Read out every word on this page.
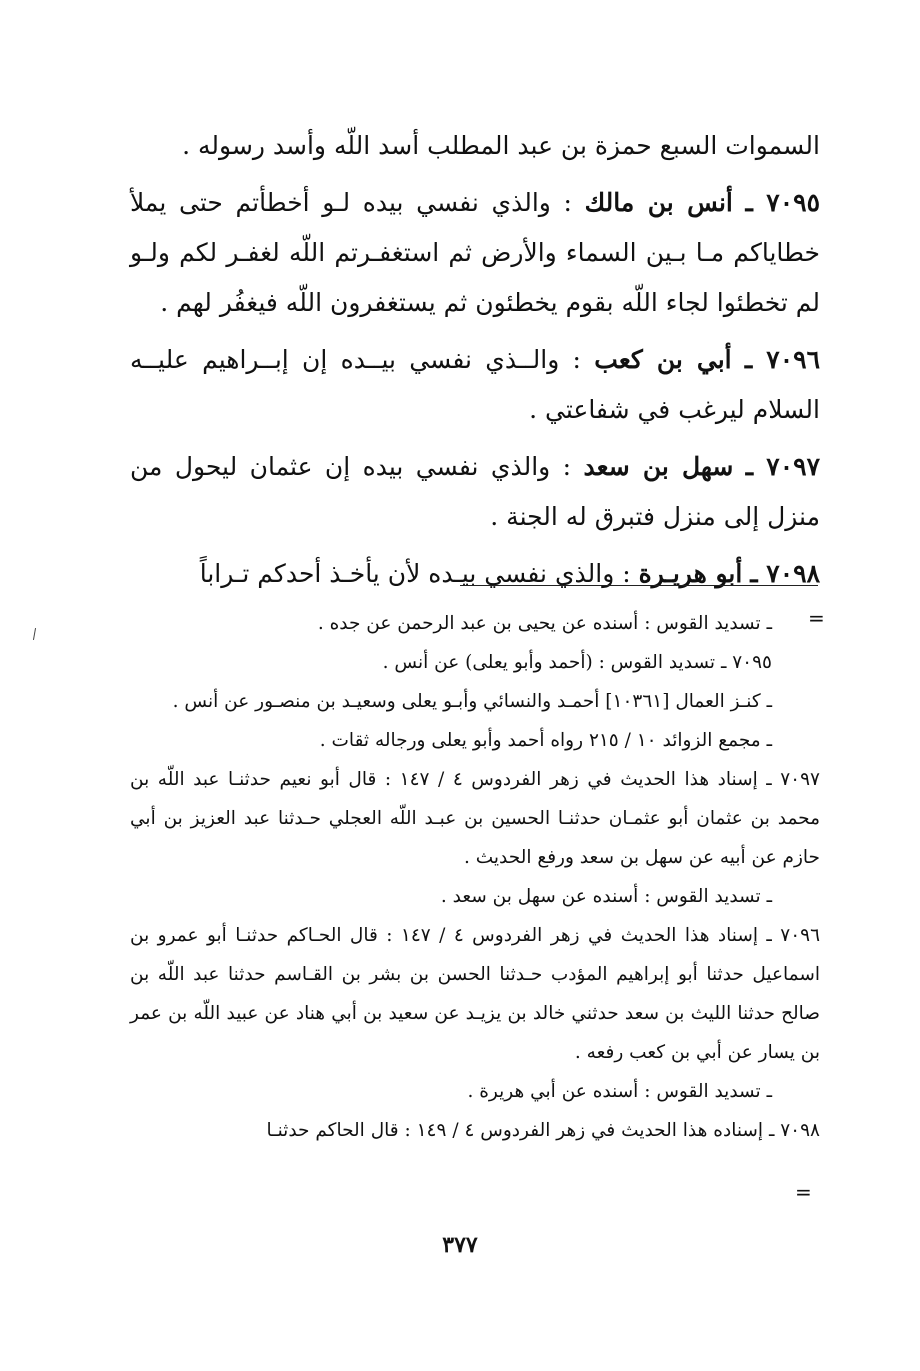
السموات السبع حمزة بن عبد المطلب أسد اللّه وأسد رسوله .

٧٠٩٥ ـ أنس بن مالك : والذي نفسي بيده لـو أخطأتم حتى يملأ خطاياكم مـا بـين السماء والأرض ثم استغفـرتم اللّه لغفـر لكم ولـو لم تخطئوا لجاء اللّه بقوم يخطئون ثم يستغفرون اللّه فيغفُر لهم .

٧٠٩٦ ـ أبي بن كعب : والــذي نفسي بيــده إن إبــراهيم عليــه السلام ليرغب في شفاعتي .

٧٠٩٧ ـ سهل بن سعد : والذي نفسي بيده إن عثمان ليحول من منزل إلى منزل فتبرق له الجنة .

٧٠٩٨ ـ أبو هريـرة : والذي نفسي بيـده لأن يأخـذ أحدكم تـراباً

=

ـ تسديد القوس : أسنده عن يحيى بن عبد الرحمن عن جده .

٧٠٩٥ ـ تسديد القوس : (أحمد وأبو يعلى) عن أنس .

ـ كنـز العمال [١٠٣٦١] أحمـد والنسائي وأبـو يعلى وسعيـد بن منصـور عن أنس .

ـ مجمع الزوائد ١٠ / ٢١٥ رواه أحمد وأبو يعلى ورجاله ثقات .

٧٠٩٧ ـ إسناد هذا الحديث في زهر الفردوس ٤ / ١٤٧ : قال أبو نعيم حدثنـا عبد اللّه بن محمد بن عثمان أبو عثمـان حدثنـا الحسين بن عبـد اللّه العجلي حـدثنا عبد العزيز بن أبي حازم عن أبيه عن سهل بن سعد ورفع الحديث .

ـ تسديد القوس : أسنده عن سهل بن سعد .

٧٠٩٦ ـ إسناد هذا الحديث في زهر الفردوس ٤ / ١٤٧ : قال الحـاكم حدثنـا أبو عمرو بن اسماعيل حدثنا أبو إبراهيم المؤدب حـدثنا الحسن بن بشر بن القـاسم حدثنا عبد اللّه بن صالح حدثنا الليث بن سعد حدثني خالد بن يزيـد عن سعيد بن أبي هناد عن عبيد اللّه بن عمر بن يسار عن أبي بن كعب رفعه .

ـ تسديد القوس : أسنده عن أبي هريرة .

٧٠٩٨ ـ إسناده هذا الحديث في زهر الفردوس ٤ / ١٤٩ : قال الحاكم حدثنـا

=
٣٧٧
